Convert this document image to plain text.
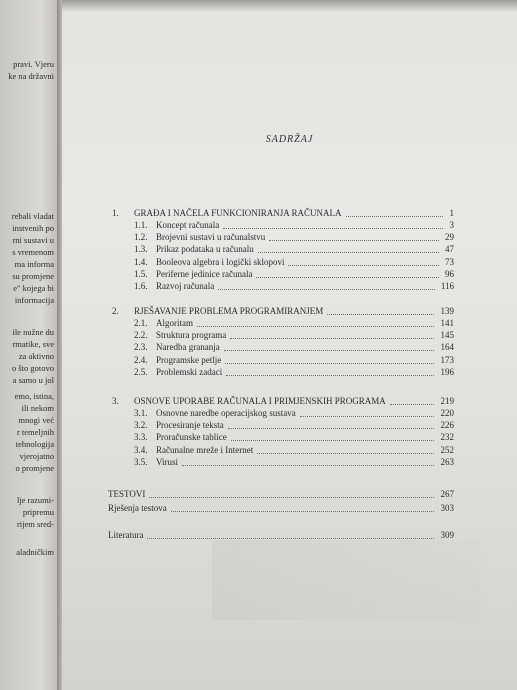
pravi. Vjeru
ke na državni
rebali vladat
instvenih po
rni sustavi u
s vremenom
ma informa
su promjene
e" kojega bi
informacija
ile nužne du
rmatike, sve
za aktivno
o što gotovo
a samo u jol
emo, istina,
ili nekom
mnogi već
r temeljnih
tehnologija
vjerojatno
o promjene
lje razumi-
pripremu
rijem sred-
aladničkim
SADRŽAJ
1. GRAĐA I NAČELA FUNKCIONIRANJA RAČUNALA	1
1.1. Koncept računala	3
1.2. Brojevni sustavi u računalstvu	29
1.3. Prikaz podataka u računalu	47
1.4. Booleova algebra i logički sklopovi	73
1.5. Periferne jedinice računala	96
1.6. Razvoj računala	116
2. RJEŠAVANJE PROBLEMA PROGRAMIRANJEM	139
2.1. Algoritam	141
2.2. Struktura programa	145
2.3. Naredba grananja	164
2.4. Programske petlje	173
2.5. Problemski zadaci	196
3. OSNOVE UPORABE RAČUNALA I PRIMJENSKIH PROGRAMA	219
3.1. Osnovne naredbe operacijskog sustava	220
3.2. Procesiranje teksta	226
3.3. Proračunske tablice	232
3.4. Računalne mreže i Internet	252
3.5. Virusi	263
TESTOVI	267
Rješenja testova	303
Literatura	309
